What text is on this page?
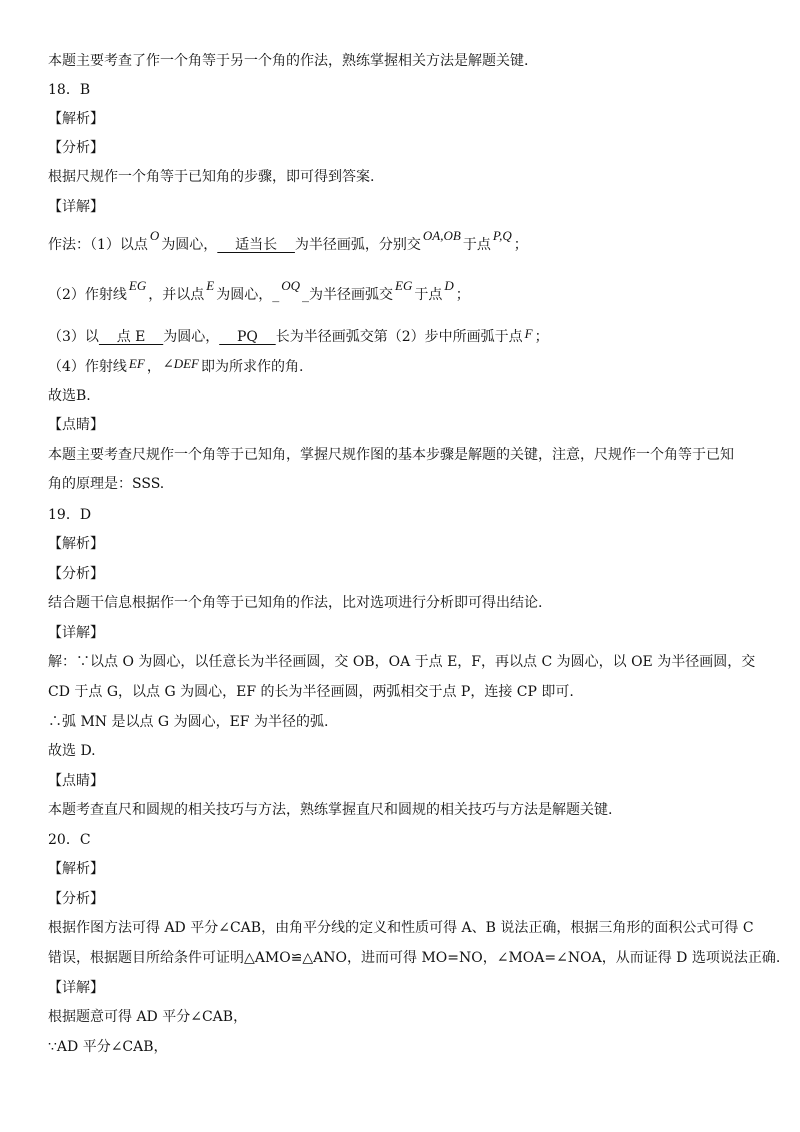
本题主要考查了作一个角等于另一个角的作法，熟练掌握相关方法是解题关键.
18．B
【解析】
【分析】
根据尺规作一个角等于已知角的步骤，即可得到答案.
【详解】
作法：（1）以点O为圆心，    适当长    为半径画弧，分别交OA,OB于点P,Q；
（2）作射线EG，并以点E为圆心，_OQ_为半径画弧交EG于点D；
（3）以    点 E    为圆心，    PQ    长为半径画弧交第（2）步中所画弧于点 F ；
（4）作射线 EF ， ∠DEF 即为所求作的角.
故选B.
【点睛】
本题主要考查尺规作一个角等于已知角，掌握尺规作图的基本步骤是解题的关键，注意，尺规作一个角等于已知
角的原理是：SSS.
19．D
【解析】
【分析】
结合题干信息根据作一个角等于已知角的作法，比对选项进行分析即可得出结论.
【详解】
解：∵以点 O 为圆心，以任意长为半径画圆，交 OB，OA 于点 E，F，再以点 C 为圆心，以 OE 为半径画圆，交
CD 于点 G，以点 G 为圆心，EF 的长为半径画圆，两弧相交于点 P，连接 CP 即可.
∴弧 MN 是以点 G 为圆心，EF 为半径的弧.
故选 D.
【点睛】
本题考查直尺和圆规的相关技巧与方法，熟练掌握直尺和圆规的相关技巧与方法是解题关键.
20．C
【解析】
【分析】
根据作图方法可得 AD 平分∠CAB，由角平分线的定义和性质可得 A、B 说法正确，根据三角形的面积公式可得 C
错误，根据题目所给条件可证明△AMO≌△ANO，进而可得 MO=NO，∠MOA=∠NOA，从而证得 D 选项说法正确.
【详解】
根据题意可得 AD 平分∠CAB，
∵AD 平分∠CAB，
